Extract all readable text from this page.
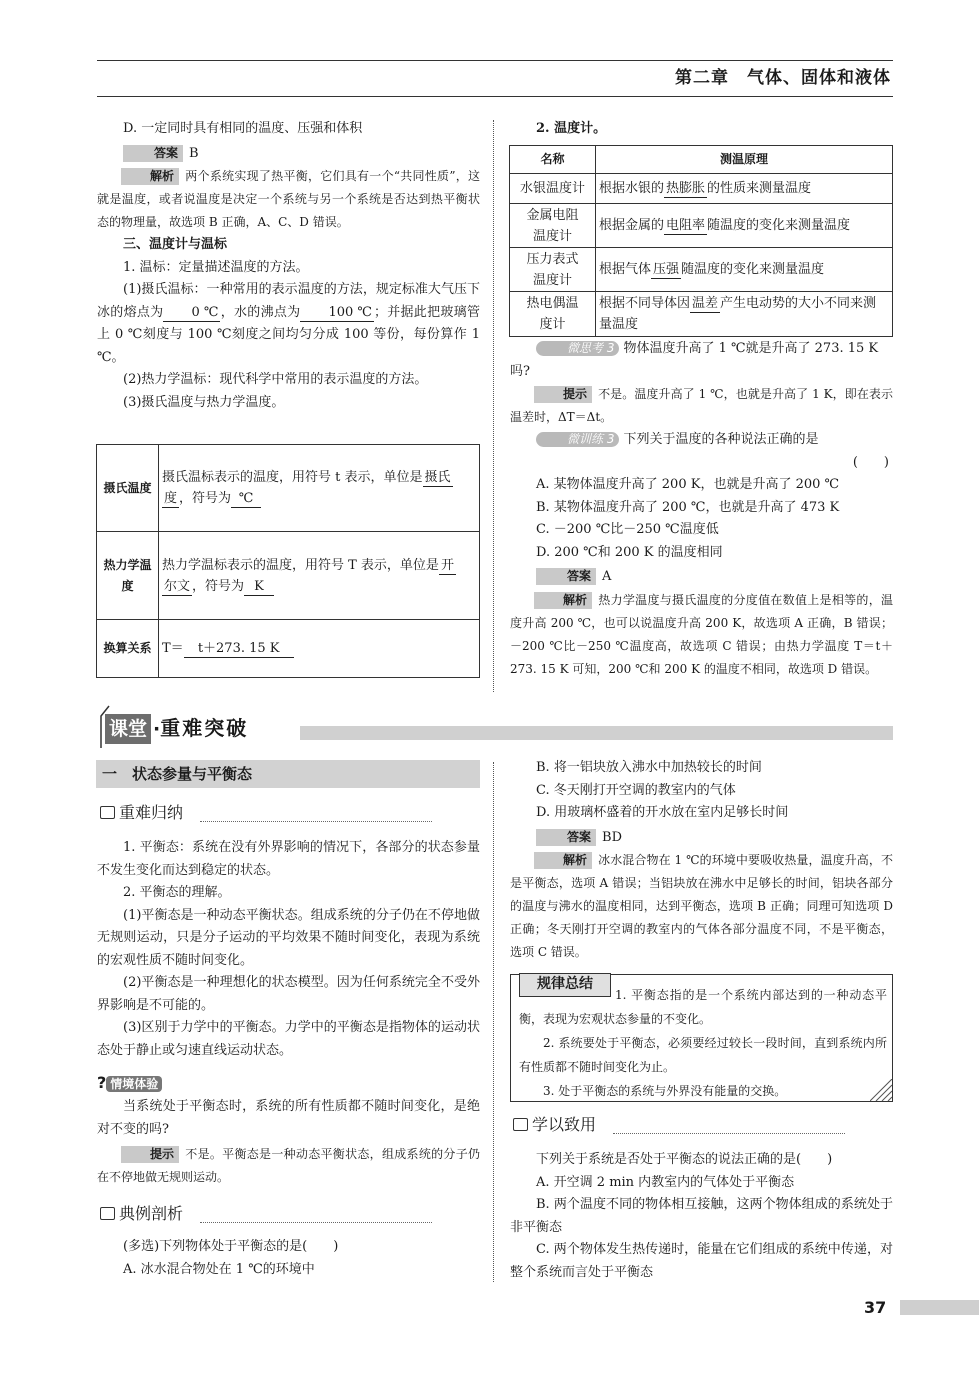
第二章　气体、固体和液体

D. 一定同时具有相同的温度、压强和体积

答案 B

解析 两个系统实现了热平衡，它们具有一个“共同性质”，这就是温度，或者说温度是决定一个系统与另一个系统是否达到热平衡状态的物理量，故选项 B 正确，A、C、D 错误。

三、温度计与温标

1. 温标：定量描述温度的方法。

(1)摄氏温标：一种常用的表示温度的方法，规定标准大气压下冰的熔点为 0 ℃ ，水的沸点为 100 ℃ ；并据此把玻璃管上 0 ℃刻度与 100 ℃刻度之间均匀分成 100 等份，每份算作 1 ℃。

(2)热力学温标：现代科学中常用的表示温度的方法。

(3)摄氏温度与热力学温度。

摄氏温度	摄氏温标表示的温度，用符号 t 表示，单位是 摄氏
度 ，符号为 ℃
热力学温度	热力学温标表示的温度，用符号 T 表示，单位是 开
尔文 ，符号为 K
换算关系	T＝ t＋273. 15 K

2. 温度计。

名称	测温原理
水银温度计	根据水银的 热膨胀 的性质来测量温度
金属电阻温度计	根据金属的 电阻率 随温度的变化来测量温度
压力表式温度计	根据气体 压强 随温度的变化来测量温度
热电偶温度计	根据不同导体因 温差 产生电动势的大小不同来测量温度

微思考 3 物体温度升高了 1 ℃就是升高了 273. 15 K 吗?

提示 不是。温度升高了 1 ℃，也就是升高了 1 K，即在表示温差时，ΔT＝Δt。

微训练 3 下列关于温度的各种说法正确的是

(　　)

A. 某物体温度升高了 200 K，也就是升高了 200 ℃

B. 某物体温度升高了 200 ℃，也就是升高了 473 K

C. －200 ℃比－250 ℃温度低

D. 200 ℃和 200 K 的温度相同

答案 A

解析 热力学温度与摄氏温度的分度值在数值上是相等的，温度升高 200 ℃，也可以说温度升高 200 K，故选项 A 正确，B 错误；－200 ℃比－250 ℃温度高，故选项 C 错误；由热力学温度 T＝t＋273. 15 K 可知，200 ℃和 200 K 的温度不相同，故选项 D 错误。

课堂 ·重难突破
一　状态参量与平衡态
重难归纳

1. 平衡态：系统在没有外界影响的情况下，各部分的状态参量不发生变化而达到稳定的状态。

2. 平衡态的理解。

(1)平衡态是一种动态平衡状态。组成系统的分子仍在不停地做无规则运动，只是分子运动的平均效果不随时间变化，表现为系统的宏观性质不随时间变化。

(2)平衡态是一种理想化的状态模型。因为任何系统完全不受外界影响是不可能的。

(3)区别于力学中的平衡态。力学中的平衡态是指物体的运动状态处于静止或匀速直线运动状态。

? 情境体验

当系统处于平衡态时，系统的所有性质都不随时间变化，是绝对不变的吗?

提示 不是。平衡态是一种动态平衡状态，组成系统的分子仍在不停地做无规则运动。

典例剖析

(多选)下列物体处于平衡态的是(　　)

A. 冰水混合物处在 1 ℃的环境中

B. 将一铝块放入沸水中加热较长的时间

C. 冬天刚打开空调的教室内的气体

D. 用玻璃杯盛着的开水放在室内足够长时间

答案 BD

解析 冰水混合物在 1 ℃的环境中要吸收热量，温度升高，不是平衡态，选项 A 错误；当铝块放在沸水中足够长的时间，铝块各部分的温度与沸水的温度相同，达到平衡态，选项 B 正确；同理可知选项 D 正确；冬天刚打开空调的教室内的气体各部分温度不同，不是平衡态，选项 C 错误。

规律总结

1. 平衡态指的是一个系统内部达到的一种动态平衡，表现为宏观状态参量的不变化。

2. 系统要处于平衡态，必须要经过较长一段时间，直到系统内所有性质都不随时间变化为止。

3. 处于平衡态的系统与外界没有能量的交换。

学以致用

下列关于系统是否处于平衡态的说法正确的是(　　)

A. 开空调 2 min 内教室内的气体处于平衡态

B. 两个温度不同的物体相互接触，这两个物体组成的系统处于非平衡态

C. 两个物体发生热传递时，能量在它们组成的系统中传递，对整个系统而言处于平衡态

37
